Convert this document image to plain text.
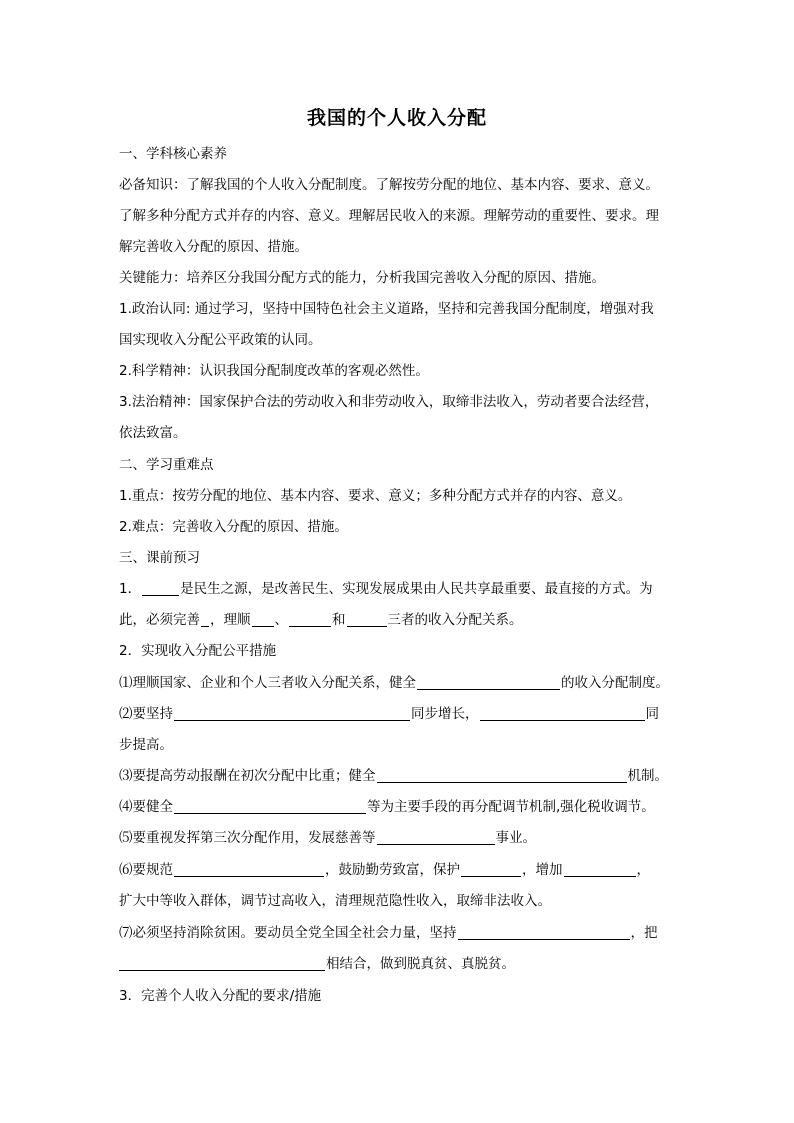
我国的个人收入分配
一、学科核心素养
必备知识：了解我国的个人收入分配制度。了解按劳分配的地位、基本内容、要求、意义。
了解多种分配方式并存的内容、意义。理解居民收入的来源。理解劳动的重要性、要求。理
解完善收入分配的原因、措施。
关键能力：培养区分我国分配方式的能力，分析我国完善收入分配的原因、措施。
1.政治认同: 通过学习，坚持中国特色社会主义道路，坚持和完善我国分配制度，增强对我
国实现收入分配公平政策的认同。
2.科学精神：认识我国分配制度改革的客观必然性。
3.法治精神：国家保护合法的劳动收入和非劳动收入，取缔非法收入，劳动者要合法经营，
依法致富。
二、学习重难点
1.重点：按劳分配的地位、基本内容、要求、意义；多种分配方式并存的内容、意义。
2.难点：完善收入分配的原因、措施。
三、课前预习
1．	是民生之源，是改善民生、实现发展成果由人民共享最重要、最直接的方式。为
此，必须完善 ，理顺 、	和	三者的收入分配关系。
2．实现收入分配公平措施
⑴理顺国家、企业和个人三者收入分配关系，健全	的收入分配制度。
⑵要坚持	同步增长，	同
步提高。
⑶要提高劳动报酬在初次分配中比重；健全	机制。
⑷要健全	等为主要手段的再分配调节机制,强化税收调节。
⑸要重视发挥第三次分配作用，发展慈善等	事业。
⑹要规范	，鼓励勤劳致富，保护	，增加	，
扩大中等收入群体，调节过高收入，清理规范隐性收入，取缔非法收入。
⑺必须坚持消除贫困。要动员全党全国全社会力量，坚持	，把
相结合，做到脱真贫、真脱贫。
3．完善个人收入分配的要求/措施
